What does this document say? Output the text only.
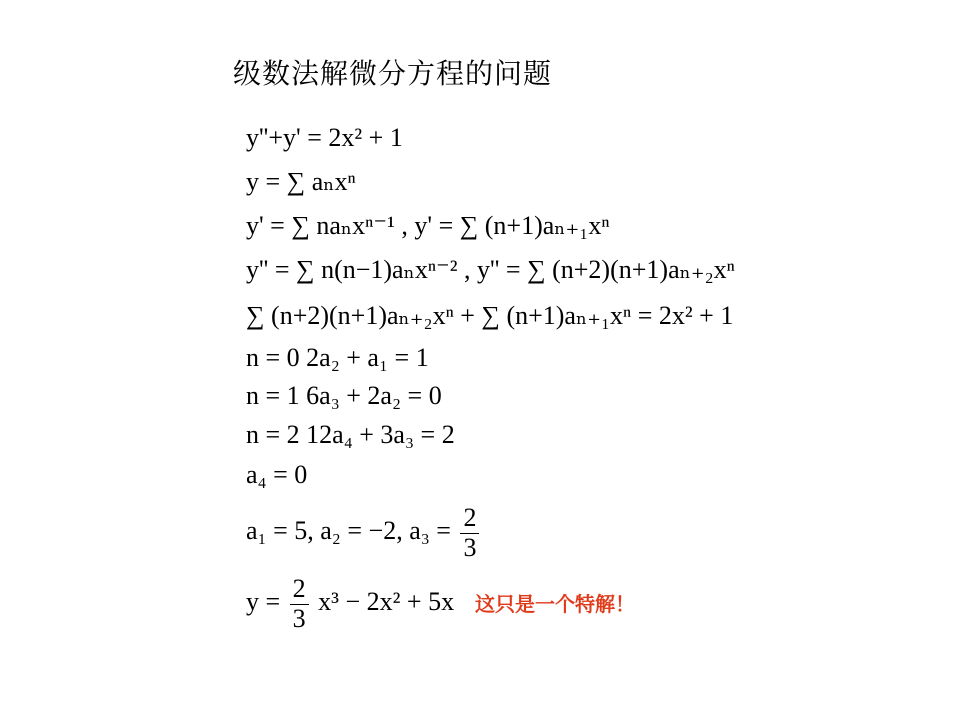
级数法解微分方程的问题
y''+y' = 2x² + 1
y = ∑ aₙxⁿ
y' = ∑ naₙxⁿ⁻¹ , y' = ∑ (n+1)aₙ₊₁xⁿ
y'' = ∑ n(n−1)aₙxⁿ⁻² , y'' = ∑ (n+2)(n+1)aₙ₊₂xⁿ
∑ (n+2)(n+1)aₙ₊₂xⁿ + ∑ (n+1)aₙ₊₁xⁿ = 2x² + 1
n = 0 2a₂ + a₁ = 1
n = 1 6a₃ + 2a₂ = 0
n = 2 12a₄ + 3a₃ = 2
a₄ = 0
a₁ = 5, a₂ = −2, $a_3 = \frac{2}{3}$
$y = \frac{2}{3} x^3 - 2x^2 + 5x$ 这只是一个特解！
